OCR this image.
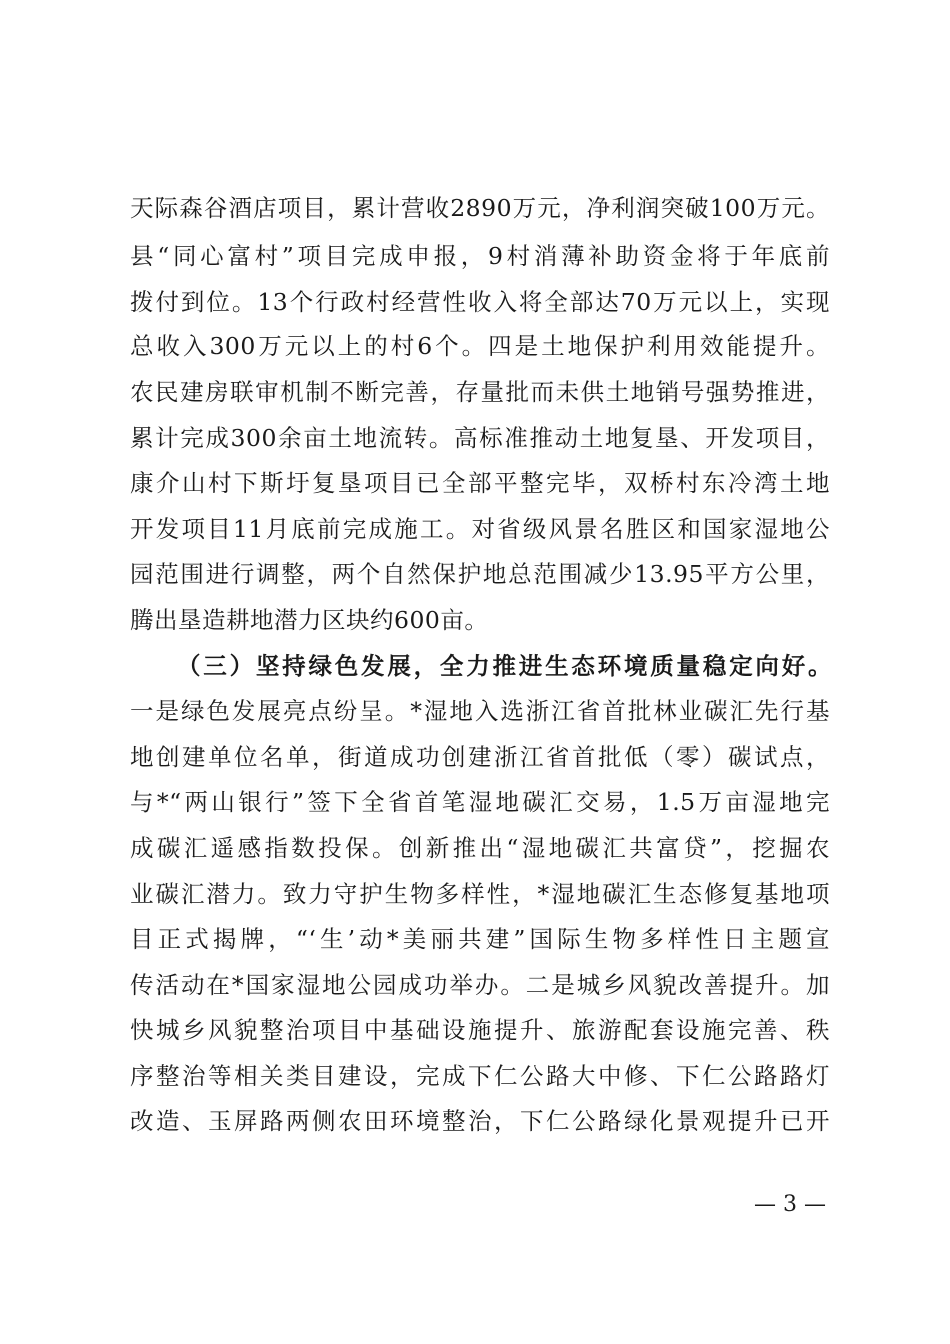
天际森谷酒店项目，累计营收2890万元，净利润突破100万元。
县“同心富村”项目完成申报，9村消薄补助资金将于年底前
拨付到位。13个行政村经营性收入将全部达70万元以上，实现
总收入300万元以上的村6个。四是土地保护利用效能提升。
农民建房联审机制不断完善，存量批而未供土地销号强势推进，
累计完成300余亩土地流转。高标准推动土地复垦、开发项目，
康介山村下斯圩复垦项目已全部平整完毕，双桥村东冷湾土地
开发项目11月底前完成施工。对省级风景名胜区和国家湿地公
园范围进行调整，两个自然保护地总范围减少13.95平方公里，
腾出垦造耕地潜力区块约600亩。
（三）坚持绿色发展，全力推进生态环境质量稳定向好。
一是绿色发展亮点纷呈。*湿地入选浙江省首批林业碳汇先行基
地创建单位名单，街道成功创建浙江省首批低（零）碳试点，
与*“两山银行”签下全省首笔湿地碳汇交易，1.5万亩湿地完
成碳汇遥感指数投保。创新推出“湿地碳汇共富贷”，挖掘农
业碳汇潜力。致力守护生物多样性，*湿地碳汇生态修复基地项
目正式揭牌，“‘生’动*美丽共建”国际生物多样性日主题宣
传活动在*国家湿地公园成功举办。二是城乡风貌改善提升。加
快城乡风貌整治项目中基础设施提升、旅游配套设施完善、秩
序整治等相关类目建设，完成下仁公路大中修、下仁公路路灯
改造、玉屏路两侧农田环境整治，下仁公路绿化景观提升已开
— 3 —
